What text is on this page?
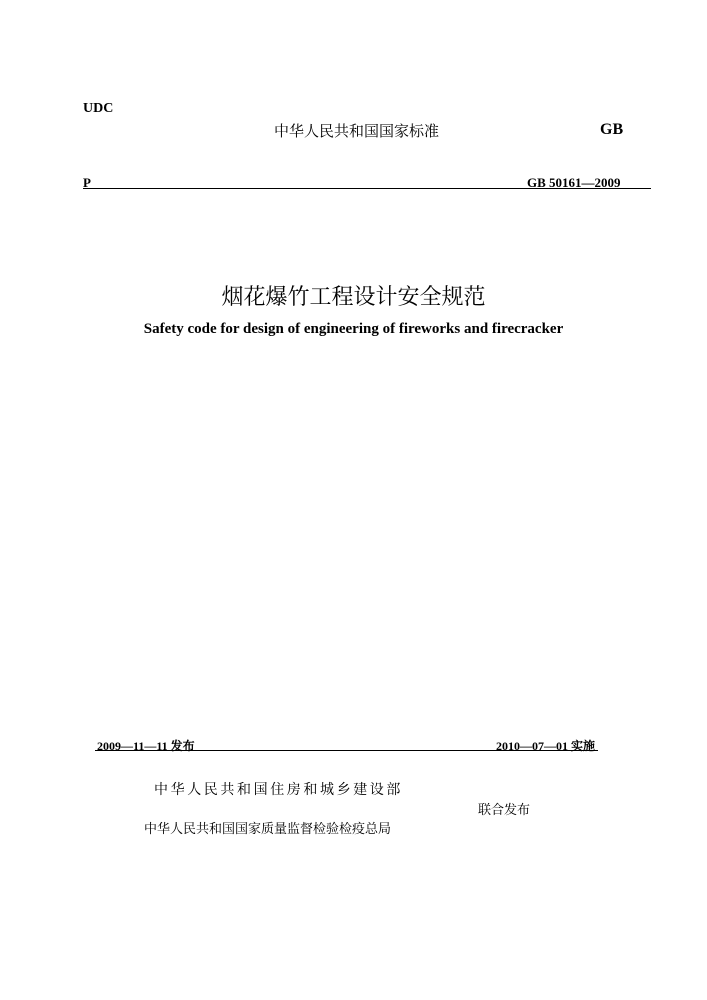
UDC
中华人民共和国国家标准	GB
P	GB 50161—2009
烟花爆竹工程设计安全规范
Safety code for design of engineering of fireworks and firecracker
2009—11—11 发布	2010—07—01 实施
中华人民共和国住房和城乡建设部
联合发布
中华人民共和国国家质量监督检验检疫总局
